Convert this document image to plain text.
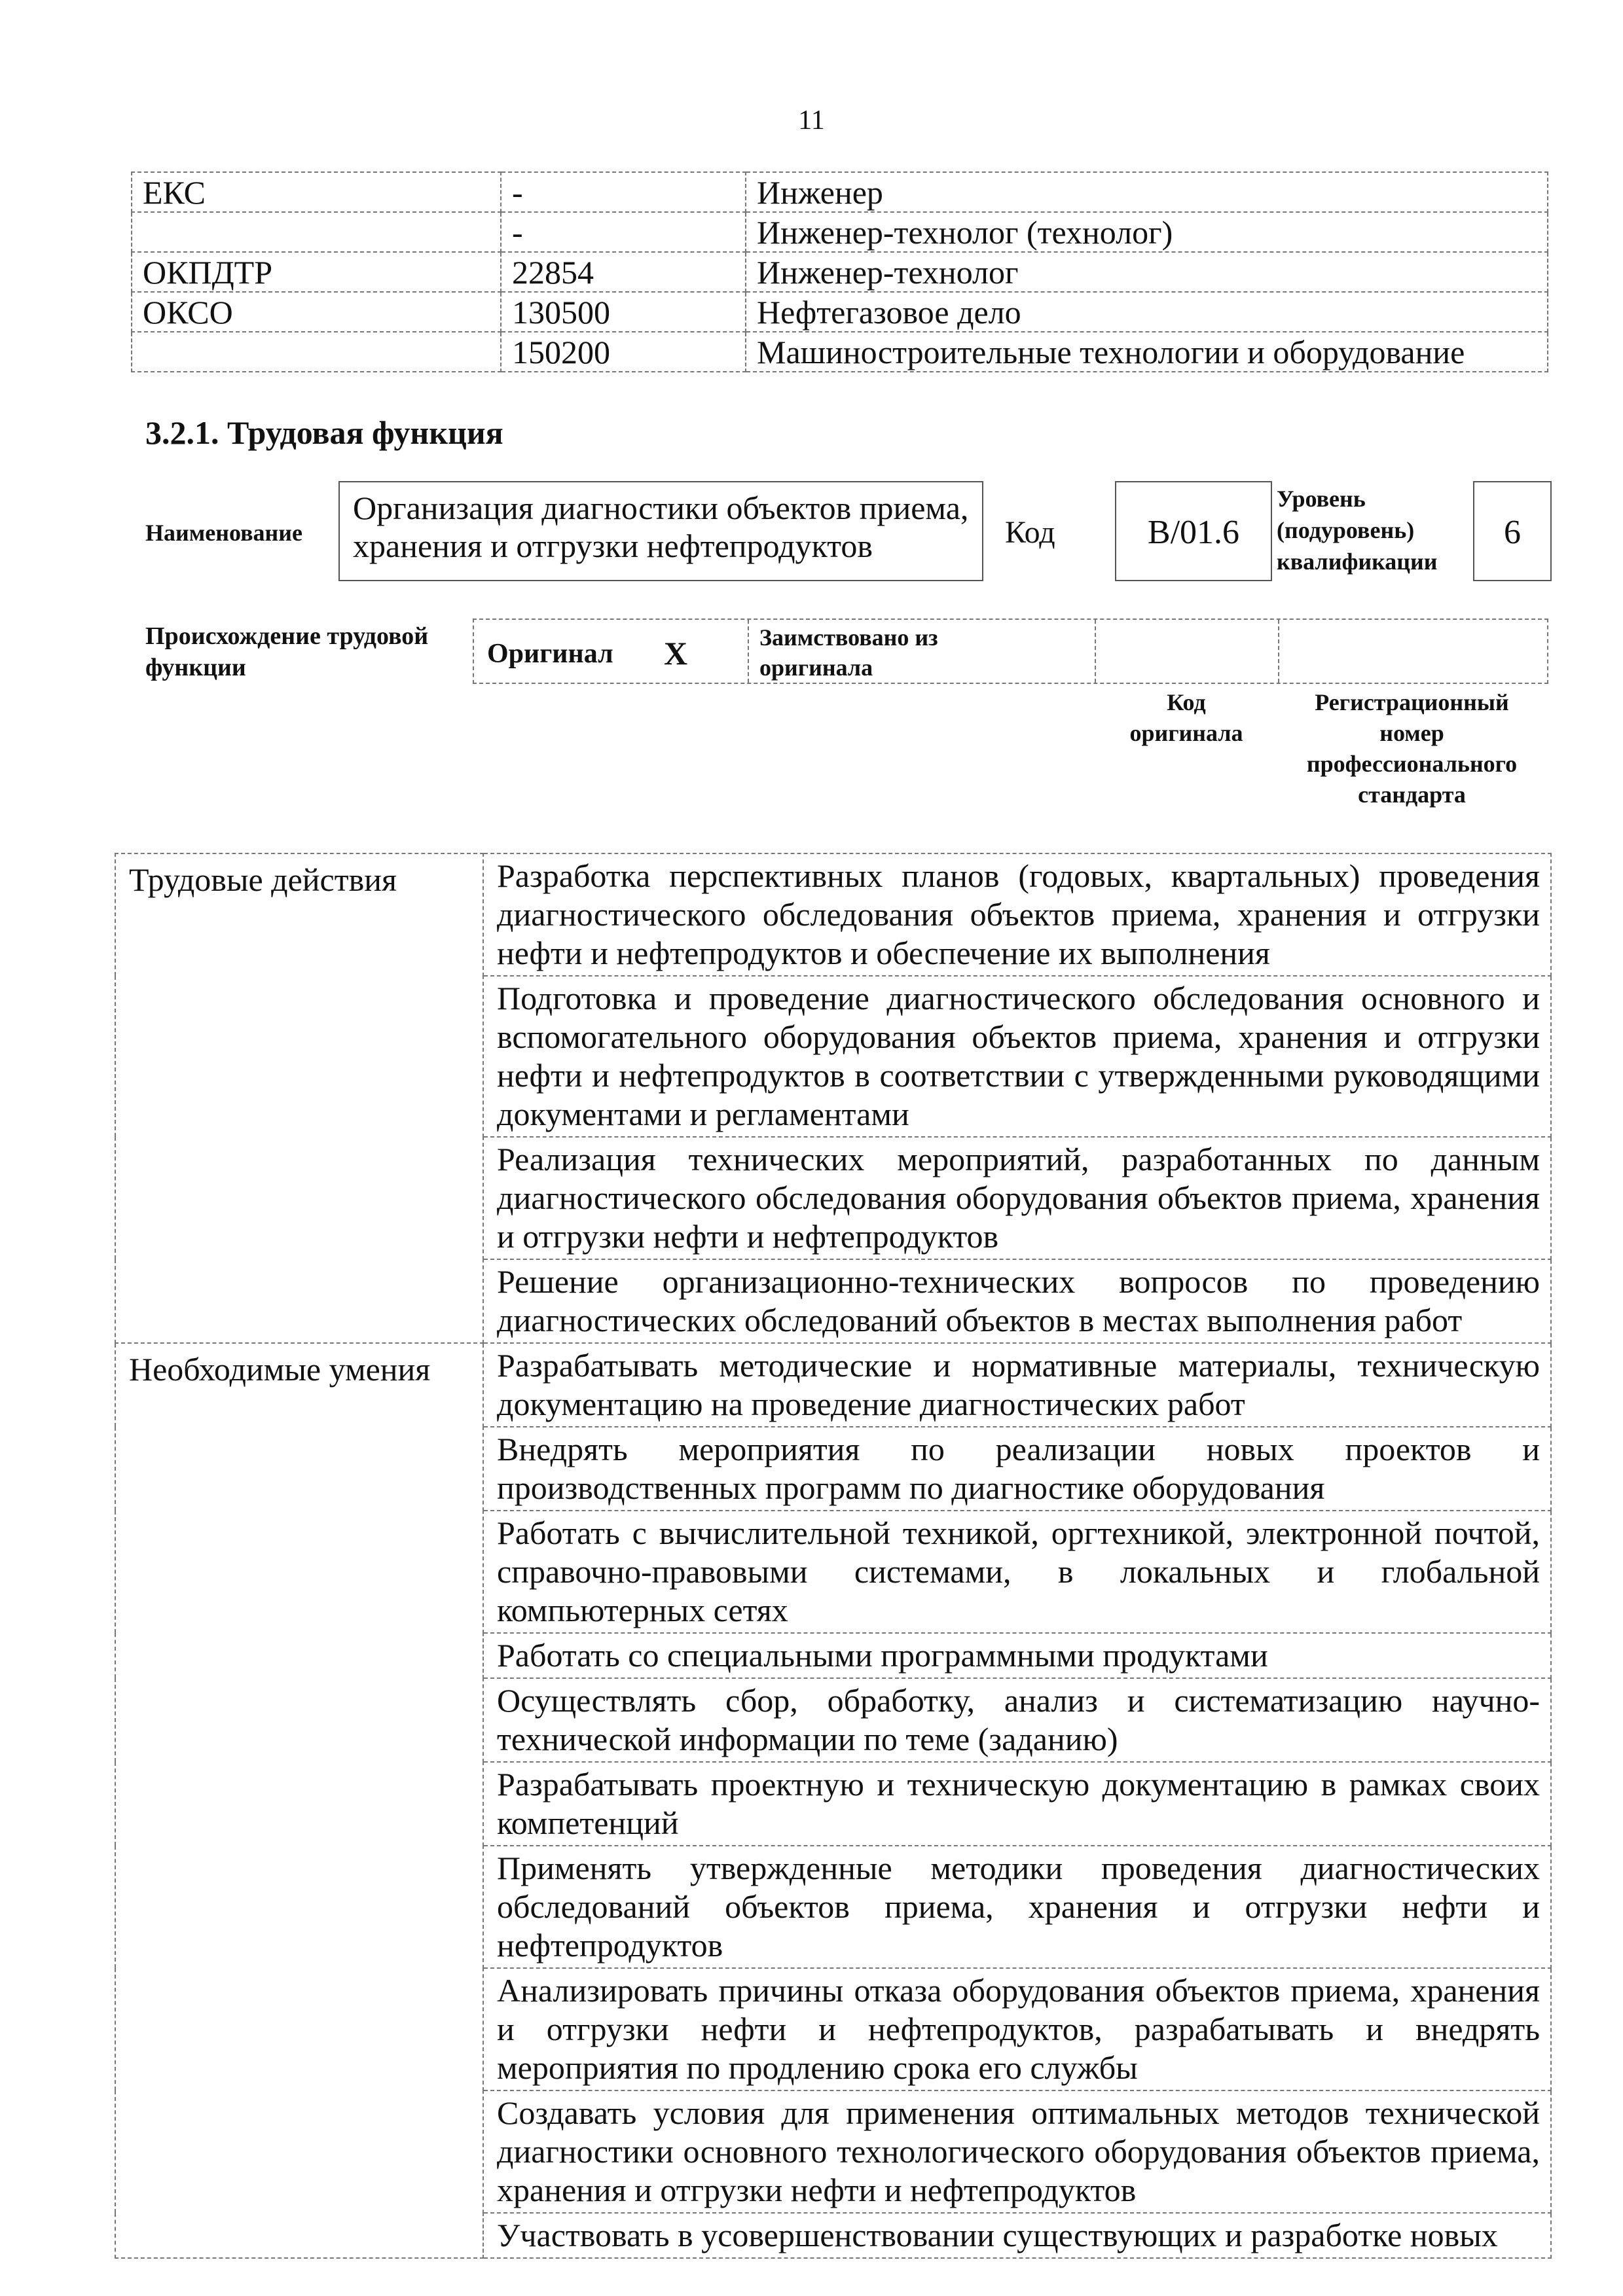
11
ЕКС	-	Инженер
	-	Инженер-технолог (технолог)
ОКПДТР	22854	Инженер-технолог
ОКСО	130500	Нефтегазовое дело
	150200	Машиностроительные технологии и оборудование
3.2.1. Трудовая функция
Наименование
Организация диагностики объектов приема,
хранения и отгрузки нефтепродуктов	Код	B/01.6
Уровень
(подуровень)
квалификации
6
Происхождение трудовой
функции	Оригинал X	Заимствовано из
оригинала
Код
оригинала
Регистрационный
номер
профессионального
стандарта
Трудовые действия	Разработка перспективных планов (годовых, квартальных) проведения диагностического обследования объектов приема, хранения и отгрузки нефти и нефтепродуктов и обеспечение их выполнения
	Подготовка и проведение диагностического обследования основного и вспомогательного оборудования объектов приема, хранения и отгрузки нефти и нефтепродуктов в соответствии с утвержденными руководящими документами и регламентами
	Реализация технических мероприятий, разработанных по данным диагностического обследования оборудования объектов приема, хранения и отгрузки нефти и нефтепродуктов
	Решение организационно-технических вопросов по проведению диагностических обследований объектов в местах выполнения работ
Необходимые умения	Разрабатывать методические и нормативные материалы, техническую документацию на проведение диагностических работ
	Внедрять мероприятия по реализации новых проектов и производственных программ по диагностике оборудования
	Работать с вычислительной техникой, оргтехникой, электронной почтой, справочно-правовыми системами, в локальных и глобальной компьютерных сетях
	Работать со специальными программными продуктами
	Осуществлять сбор, обработку, анализ и систематизацию научно-технической информации по теме (заданию)
	Разрабатывать проектную и техническую документацию в рамках своих компетенций
	Применять утвержденные методики проведения диагностических обследований объектов приема, хранения и отгрузки нефти и нефтепродуктов
	Анализировать причины отказа оборудования объектов приема, хранения и отгрузки нефти и нефтепродуктов, разрабатывать и внедрять мероприятия по продлению срока его службы
	Создавать условия для применения оптимальных методов технической диагностики основного технологического оборудования объектов приема, хранения и отгрузки нефти и нефтепродуктов
	Участвовать в усовершенствовании существующих и разработке новых
